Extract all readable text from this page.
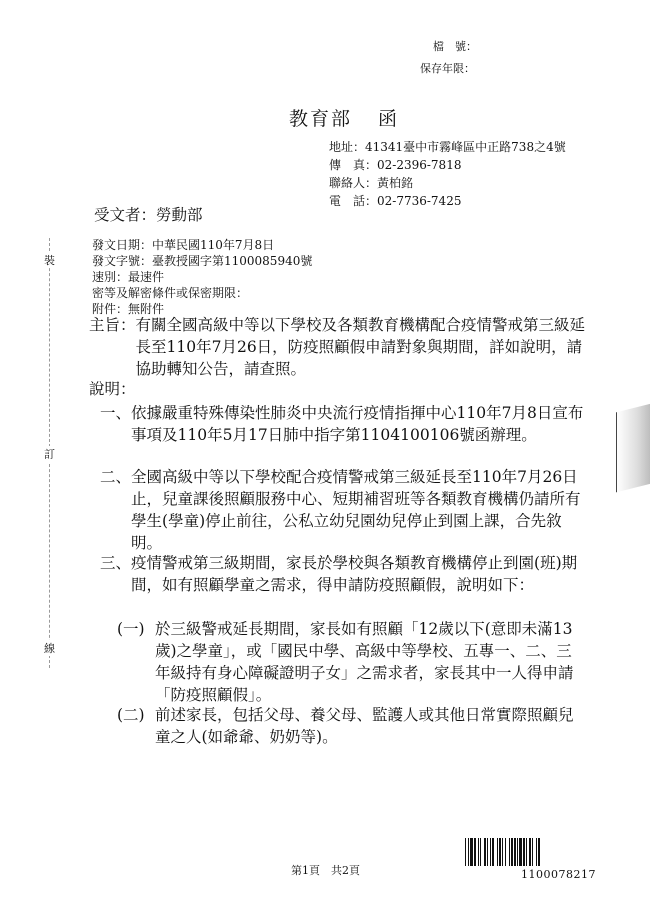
檔　號：
保存年限：
教育部 函
地址：41341臺中市霧峰區中正路738之4號
傳　真：02-2396-7818
聯絡人：黃柏銘
電　話：02-7736-7425
受文者：勞動部
發文日期：中華民國110年7月8日
發文字號：臺教授國字第1100085940號
速別：最速件
密等及解密條件或保密期限：
附件：無附件
主旨： 有關全國高級中等以下學校及各類教育機構配合疫情警戒第三級延長至110年7月26日，防疫照顧假申請對象與期間，詳如說明，請協助轉知公告，請查照。
說明：
一、 依據嚴重特殊傳染性肺炎中央流行疫情指揮中心110年7月8日宣布事項及110年5月17日肺中指字第1104100106號函辦理。
二、 全國高級中等以下學校配合疫情警戒第三級延長至110年7月26日止，兒童課後照顧服務中心、短期補習班等各類教育機構仍請所有學生(學童)停止前往，公私立幼兒園幼兒停止到園上課，合先敘明。
三、 疫情警戒第三級期間，家長於學校與各類教育機構停止到園(班)期間，如有照顧學童之需求，得申請防疫照顧假，說明如下：
(一) 於三級警戒延長期間，家長如有照顧「12歲以下(意即未滿13歲)之學童」，或「國民中學、高級中等學校、五專一、二、三年級持有身心障礙證明子女」之需求者，家長其中一人得申請「防疫照顧假」。
(二) 前述家長，包括父母、養父母、監護人或其他日常實際照顧兒童之人(如爺爺、奶奶等)。
裝
訂
線
第1頁　共2頁	1100078217
